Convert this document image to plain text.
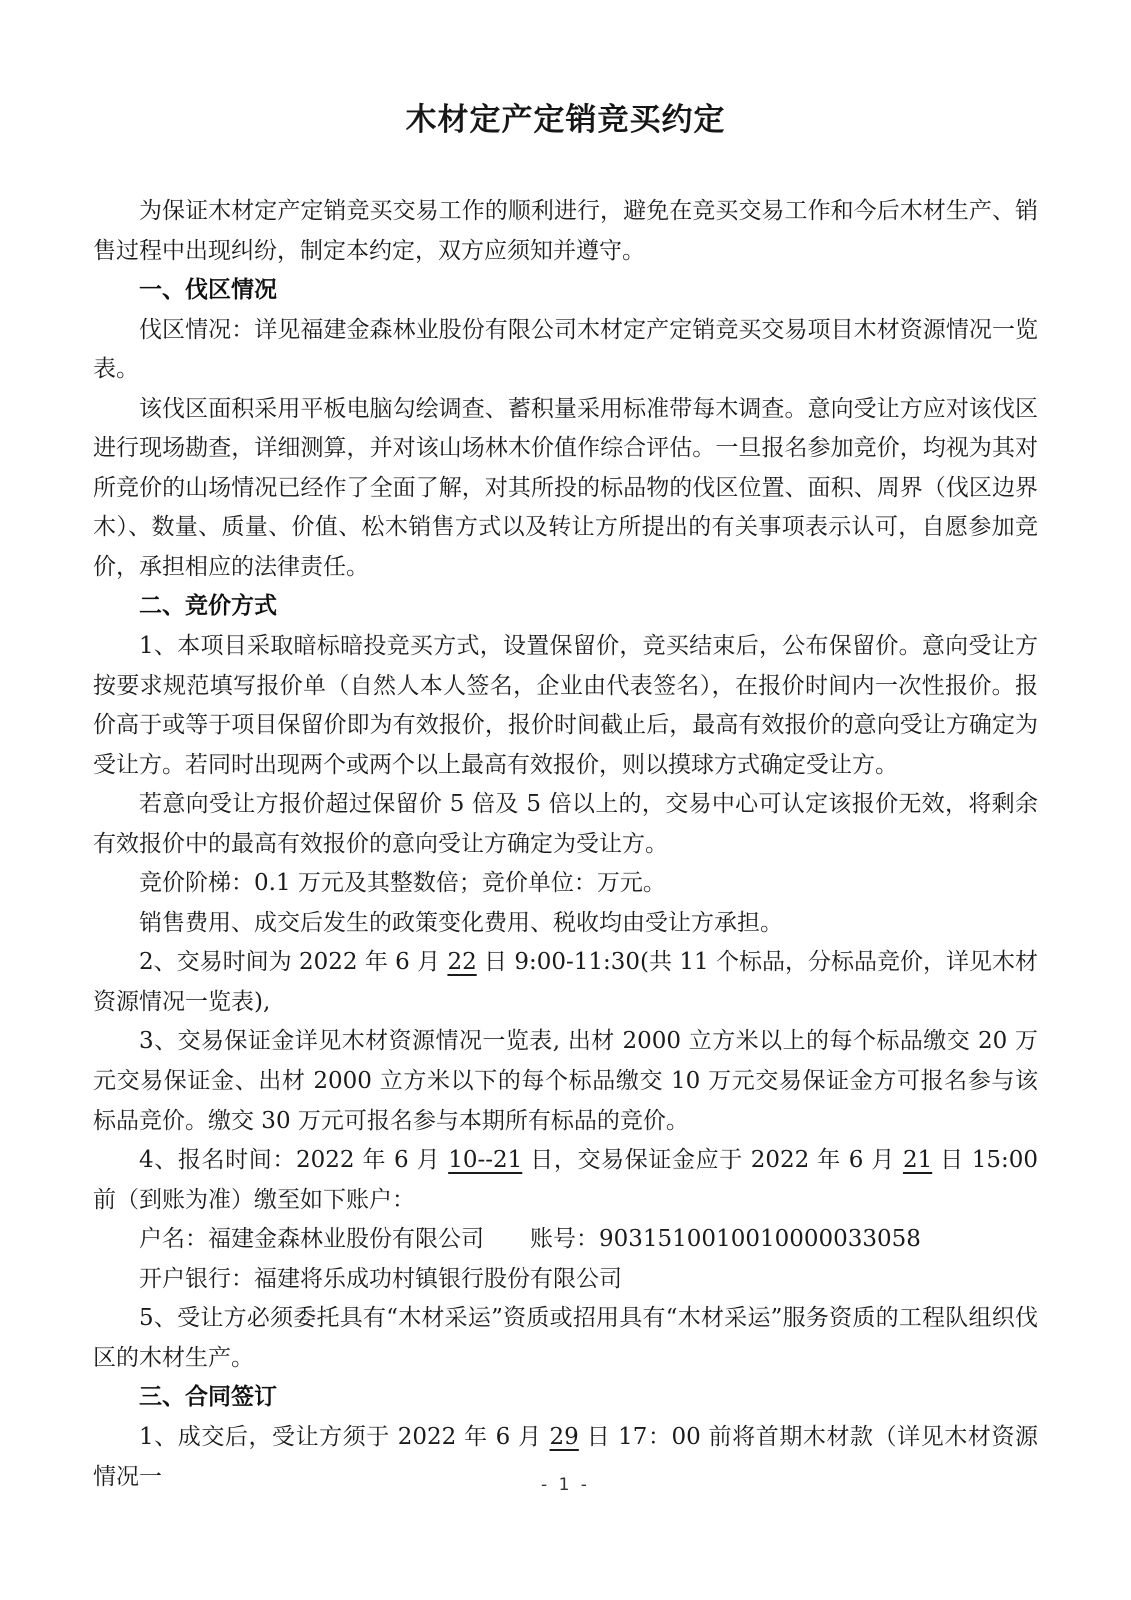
木材定产定销竞买约定

为保证木材定产定销竞买交易工作的顺利进行，避免在竞买交易工作和今后木材生产、销售过程中出现纠纷，制定本约定，双方应须知并遵守。

一、伐区情况

伐区情况：详见福建金森林业股份有限公司木材定产定销竞买交易项目木材资源情况一览表。

该伐区面积采用平板电脑勾绘调查、蓄积量采用标准带每木调查。意向受让方应对该伐区进行现场勘查，详细测算，并对该山场林木价值作综合评估。一旦报名参加竞价，均视为其对所竞价的山场情况已经作了全面了解，对其所投的标品物的伐区位置、面积、周界（伐区边界木）、数量、质量、价值、松木销售方式以及转让方所提出的有关事项表示认可，自愿参加竞价，承担相应的法律责任。

二、竞价方式

1、本项目采取暗标暗投竞买方式，设置保留价，竞买结束后，公布保留价。意向受让方按要求规范填写报价单（自然人本人签名，企业由代表签名），在报价时间内一次性报价。报价高于或等于项目保留价即为有效报价，报价时间截止后，最高有效报价的意向受让方确定为受让方。若同时出现两个或两个以上最高有效报价，则以摸球方式确定受让方。

若意向受让方报价超过保留价 5 倍及 5 倍以上的，交易中心可认定该报价无效，将剩余有效报价中的最高有效报价的意向受让方确定为受让方。

竞价阶梯：0.1 万元及其整数倍；竞价单位：万元。

销售费用、成交后发生的政策变化费用、税收均由受让方承担。

2、交易时间为 2022 年 6 月 22 日 9:00-11:30(共 11 个标品，分标品竞价，详见木材资源情况一览表),

3、交易保证金详见木材资源情况一览表, 出材 2000 立方米以上的每个标品缴交 20 万元交易保证金、出材 2000 立方米以下的每个标品缴交 10 万元交易保证金方可报名参与该标品竞价。缴交 30 万元可报名参与本期所有标品的竞价。

4、报名时间：2022 年 6 月 10--21 日，交易保证金应于 2022 年 6 月 21 日 15:00 前（到账为准）缴至如下账户：

户名：福建金森林业股份有限公司　　 账号：9031510010010000033058

开户银行：福建将乐成功村镇银行股份有限公司

5、受让方必须委托具有“木材采运”资质或招用具有“木材采运”服务资质的工程队组织伐区的木材生产。

三、合同签订

1、成交后，受让方须于 2022 年 6 月 29 日 17：00 前将首期木材款（详见木材资源情况一	- 1 -
